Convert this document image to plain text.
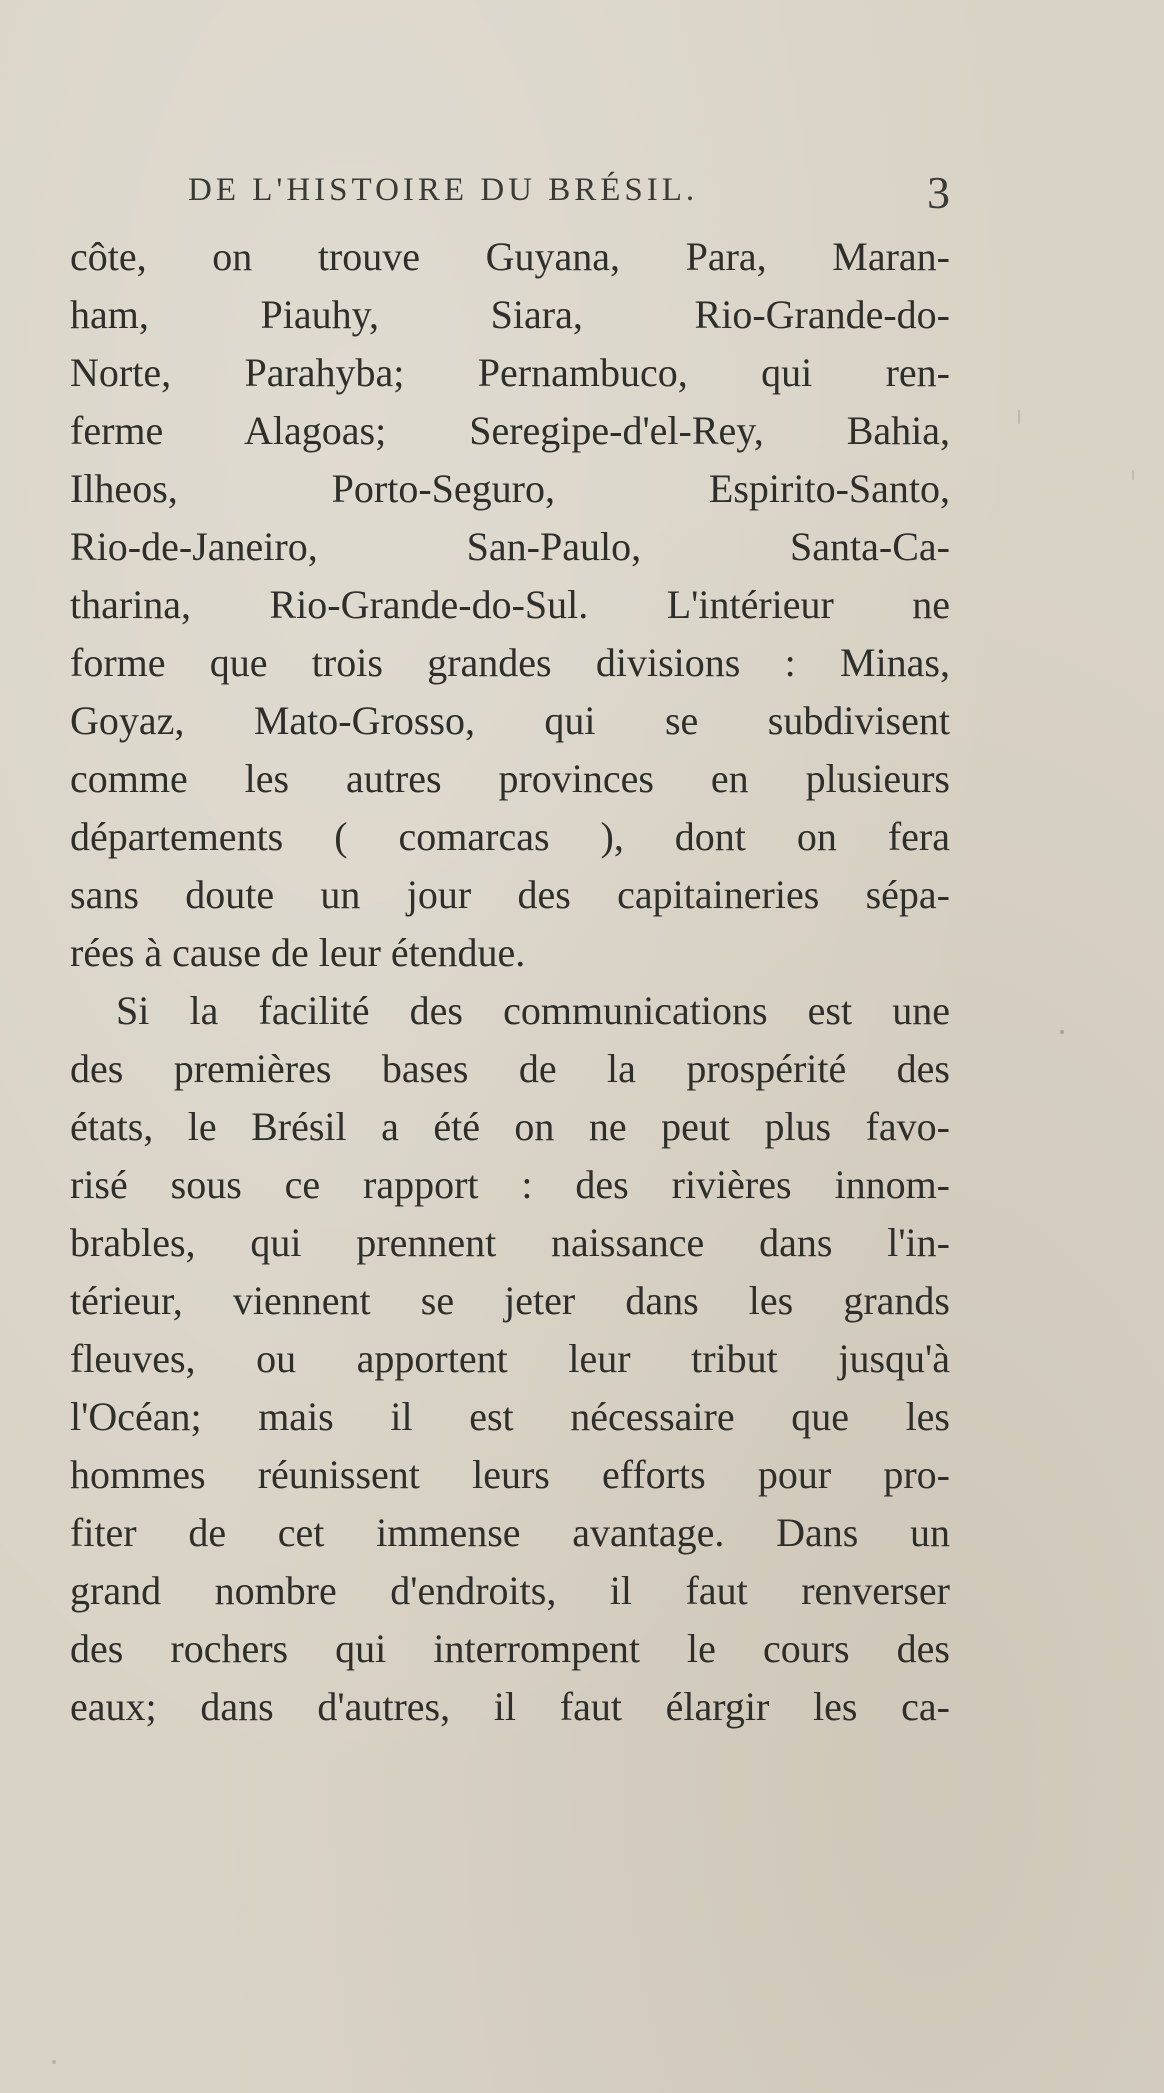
DE L'HISTOIRE DU BRÉSIL.	3
côte, on trouve Guyana, Para, Maran-
ham, Piauhy, Siara, Rio-Grande-do-
Norte, Parahyba; Pernambuco, qui ren-
ferme Alagoas; Seregipe-d'el-Rey, Bahia,
Ilheos, Porto-Seguro, Espirito-Santo,
Rio-de-Janeiro, San-Paulo, Santa-Ca-
tharina, Rio-Grande-do-Sul. L'intérieur ne
forme que trois grandes divisions : Minas,
Goyaz, Mato-Grosso, qui se subdivisent
comme les autres provinces en plusieurs
départements ( comarcas ), dont on fera
sans doute un jour des capitaineries sépa-
rées à cause de leur étendue.
Si la facilité des communications est une
des premières bases de la prospérité des
états, le Brésil a été on ne peut plus favo-
risé sous ce rapport : des rivières innom-
brables, qui prennent naissance dans l'in-
térieur, viennent se jeter dans les grands
fleuves, ou apportent leur tribut jusqu'à
l'Océan; mais il est nécessaire que les
hommes réunissent leurs efforts pour pro-
fiter de cet immense avantage. Dans un
grand nombre d'endroits, il faut renverser
des rochers qui interrompent le cours des
eaux; dans d'autres, il faut élargir les ca-
